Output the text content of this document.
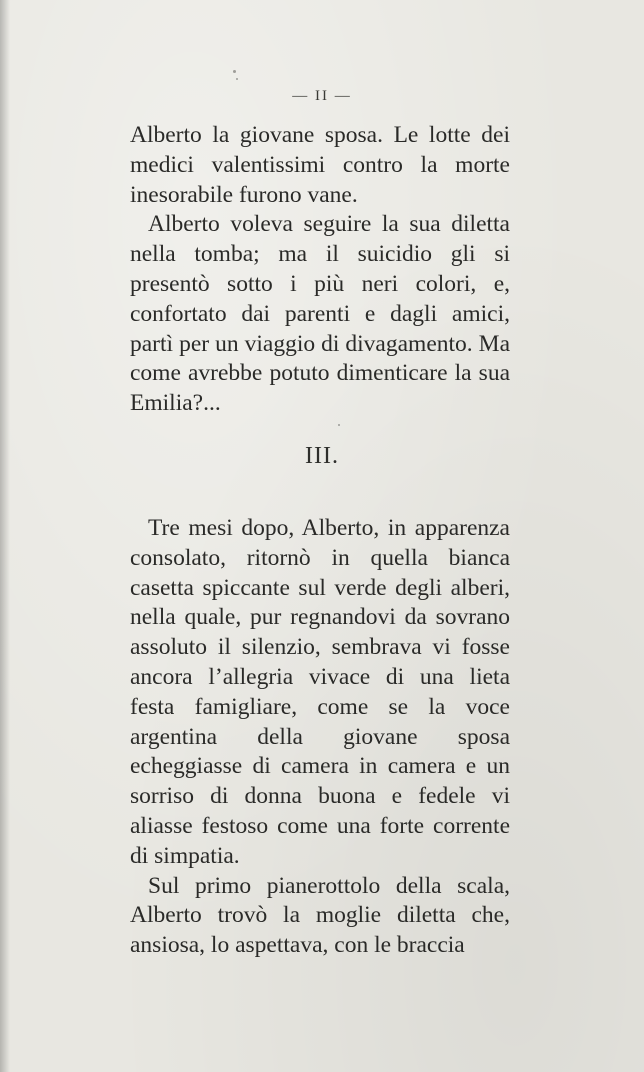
— II —

Alberto la giovane sposa. Le lotte dei medici valentissimi contro la morte inesorabile furono vane.

Alberto voleva seguire la sua diletta nella tomba; ma il suicidio gli si presentò sotto i più neri colori, e, confortato dai parenti e dagli amici, partì per un viaggio di divagamento. Ma come avrebbe potuto dimenticare la sua Emilia?...

III.

Tre mesi dopo, Alberto, in apparenza consolato, ritornò in quella bianca casetta spiccante sul verde degli alberi, nella quale, pur regnandovi da sovrano assoluto il silenzio, sembrava vi fosse ancora l’allegria vivace di una lieta festa famigliare, come se la voce argentina della giovane sposa echeggiasse di camera in camera e un sorriso di donna buona e fedele vi aliasse festoso come una forte corrente di simpatia.

Sul primo pianerottolo della scala, Alberto trovò la moglie diletta che, ansiosa, lo aspettava, con le braccia
